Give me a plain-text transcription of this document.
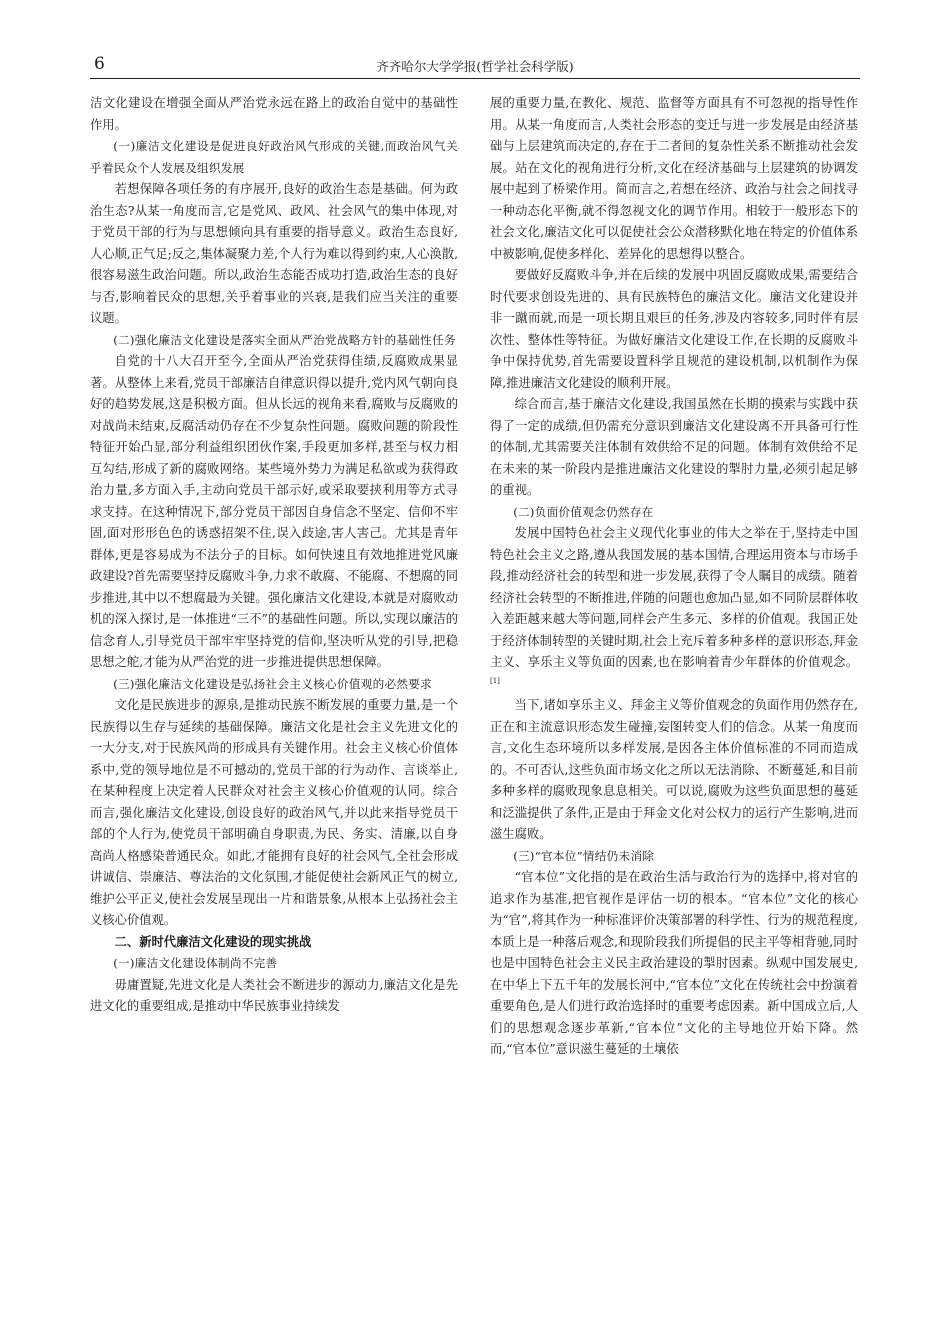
6	齐齐哈尔大学学报(哲学社会科学版)

洁文化建设在增强全面从严治党永远在路上的政治自觉中的基础性作用。

(一)廉洁文化建设是促进良好政治风气形成的关键,而政治风气关乎着民众个人发展及组织发展

若想保障各项任务的有序展开,良好的政治生态是基础。何为政治生态?从某一角度而言,它是党风、政风、社会风气的集中体现,对于党员干部的行为与思想倾向具有重要的指导意义。政治生态良好,人心顺,正气足;反之,集体凝聚力差,个人行为难以得到约束,人心涣散,很容易滋生政治问题。所以,政治生态能否成功打造,政治生态的良好与否,影响着民众的思想,关乎着事业的兴衰,是我们应当关注的重要议题。

(二)强化廉洁文化建设是落实全面从严治党战略方针的基础性任务

自党的十八大召开至今,全面从严治党获得佳绩,反腐败成果显著。从整体上来看,党员干部廉洁自律意识得以提升,党内风气朝向良好的趋势发展,这是积极方面。但从长远的视角来看,腐败与反腐败的对战尚未结束,反腐活动仍存在不少复杂性问题。腐败问题的阶段性特征开始凸显,部分利益组织团伙作案,手段更加多样,甚至与权力相互勾结,形成了新的腐败网络。某些境外势力为满足私欲或为获得政治力量,多方面入手,主动向党员干部示好,或采取要挟利用等方式寻求支持。在这种情况下,部分党员干部因自身信念不坚定、信仰不牢固,面对形形色色的诱惑招架不住,误入歧途,害人害己。尤其是青年群体,更是容易成为不法分子的目标。如何快速且有效地推进党风廉政建设?首先需要坚持反腐败斗争,力求不敢腐、不能腐、不想腐的同步推进,其中以不想腐最为关键。强化廉洁文化建设,本就是对腐败动机的深入探讨,是一体推进“三不”的基础性问题。所以,实现以廉洁的信念育人,引导党员干部牢牢坚持党的信仰,坚决听从党的引导,把稳思想之舵,才能为从严治党的进一步推进提供思想保障。

(三)强化廉洁文化建设是弘扬社会主义核心价值观的必然要求

文化是民族进步的源泉,是推动民族不断发展的重要力量,是一个民族得以生存与延续的基础保障。廉洁文化是社会主义先进文化的一大分支,对于民族风尚的形成具有关键作用。社会主义核心价值体系中,党的领导地位是不可撼动的,党员干部的行为动作、言谈举止,在某种程度上决定着人民群众对社会主义核心价值观的认同。综合而言,强化廉洁文化建设,创设良好的政治风气,并以此来指导党员干部的个人行为,使党员干部明确自身职责,为民、务实、清廉,以自身高尚人格感染普通民众。如此,才能拥有良好的社会风气,全社会形成讲诚信、崇廉洁、尊法治的文化氛围,才能促使社会新风正气的树立,维护公平正义,使社会发展呈现出一片和谐景象,从根本上弘扬社会主义核心价值观。

二、新时代廉洁文化建设的现实挑战
(一)廉洁文化建设体制尚不完善

毋庸置疑,先进文化是人类社会不断进步的源动力,廉洁文化是先进文化的重要组成,是推动中华民族事业持续发

展的重要力量,在教化、规范、监督等方面具有不可忽视的指导性作用。从某一角度而言,人类社会形态的变迁与进一步发展是由经济基础与上层建筑而决定的,存在于二者间的复杂性关系不断推动社会发展。站在文化的视角进行分析,文化在经济基础与上层建筑的协调发展中起到了桥梁作用。简而言之,若想在经济、政治与社会之间找寻一种动态化平衡,就不得忽视文化的调节作用。相较于一般形态下的社会文化,廉洁文化可以促使社会公众潜移默化地在特定的价值体系中被影响,促使多样化、差异化的思想得以整合。

要做好反腐败斗争,并在后续的发展中巩固反腐败成果,需要结合时代要求创设先进的、具有民族特色的廉洁文化。廉洁文化建设并非一蹴而就,而是一项长期且艰巨的任务,涉及内容较多,同时伴有层次性、整体性等特征。为做好廉洁文化建设工作,在长期的反腐败斗争中保持优势,首先需要设置科学且规范的建设机制,以机制作为保障,推进廉洁文化建设的顺利开展。

综合而言,基于廉洁文化建设,我国虽然在长期的摸索与实践中获得了一定的成绩,但仍需充分意识到廉洁文化建设离不开具备可行性的体制,尤其需要关注体制有效供给不足的问题。体制有效供给不足在未来的某一阶段内是推进廉洁文化建设的掣肘力量,必须引起足够的重视。

(二)负面价值观念仍然存在

发展中国特色社会主义现代化事业的伟大之举在于,坚持走中国特色社会主义之路,遵从我国发展的基本国情,合理运用资本与市场手段,推动经济社会的转型和进一步发展,获得了令人瞩目的成绩。随着经济社会转型的不断推进,伴随的问题也愈加凸显,如不同阶层群体收入差距越来越大等问题,同样会产生多元、多样的价值观。我国正处于经济体制转型的关键时期,社会上充斥着多种多样的意识形态,拜金主义、享乐主义等负面的因素,也在影响着青少年群体的价值观念。[1]

当下,诸如享乐主义、拜金主义等价值观念的负面作用仍然存在,正在和主流意识形态发生碰撞,妄图转变人们的信念。从某一角度而言,文化生态环境所以多样发展,是因各主体价值标准的不同而造成的。不可否认,这些负面市场文化之所以无法消除、不断蔓延,和目前多种多样的腐败现象息息相关。可以说,腐败为这些负面思想的蔓延和泛滥提供了条件,正是由于拜金文化对公权力的运行产生影响,进而滋生腐败。

(三)“官本位”情结仍未消除

“官本位”文化指的是在政治生活与政治行为的选择中,将对官的追求作为基准,把官视作是评估一切的根本。“官本位”文化的核心为“官”,将其作为一种标准评价决策部署的科学性、行为的规范程度,本质上是一种落后观念,和现阶段我们所提倡的民主平等相背驰,同时也是中国特色社会主义民主政治建设的掣肘因素。纵观中国发展史,在中华上下五千年的发展长河中,“官本位”文化在传统社会中扮演着重要角色,是人们进行政治选择时的重要考虑因素。新中国成立后,人们的思想观念逐步革新,“官本位”文化的主导地位开始下降。然而,“官本位”意识滋生蔓延的土壤依
